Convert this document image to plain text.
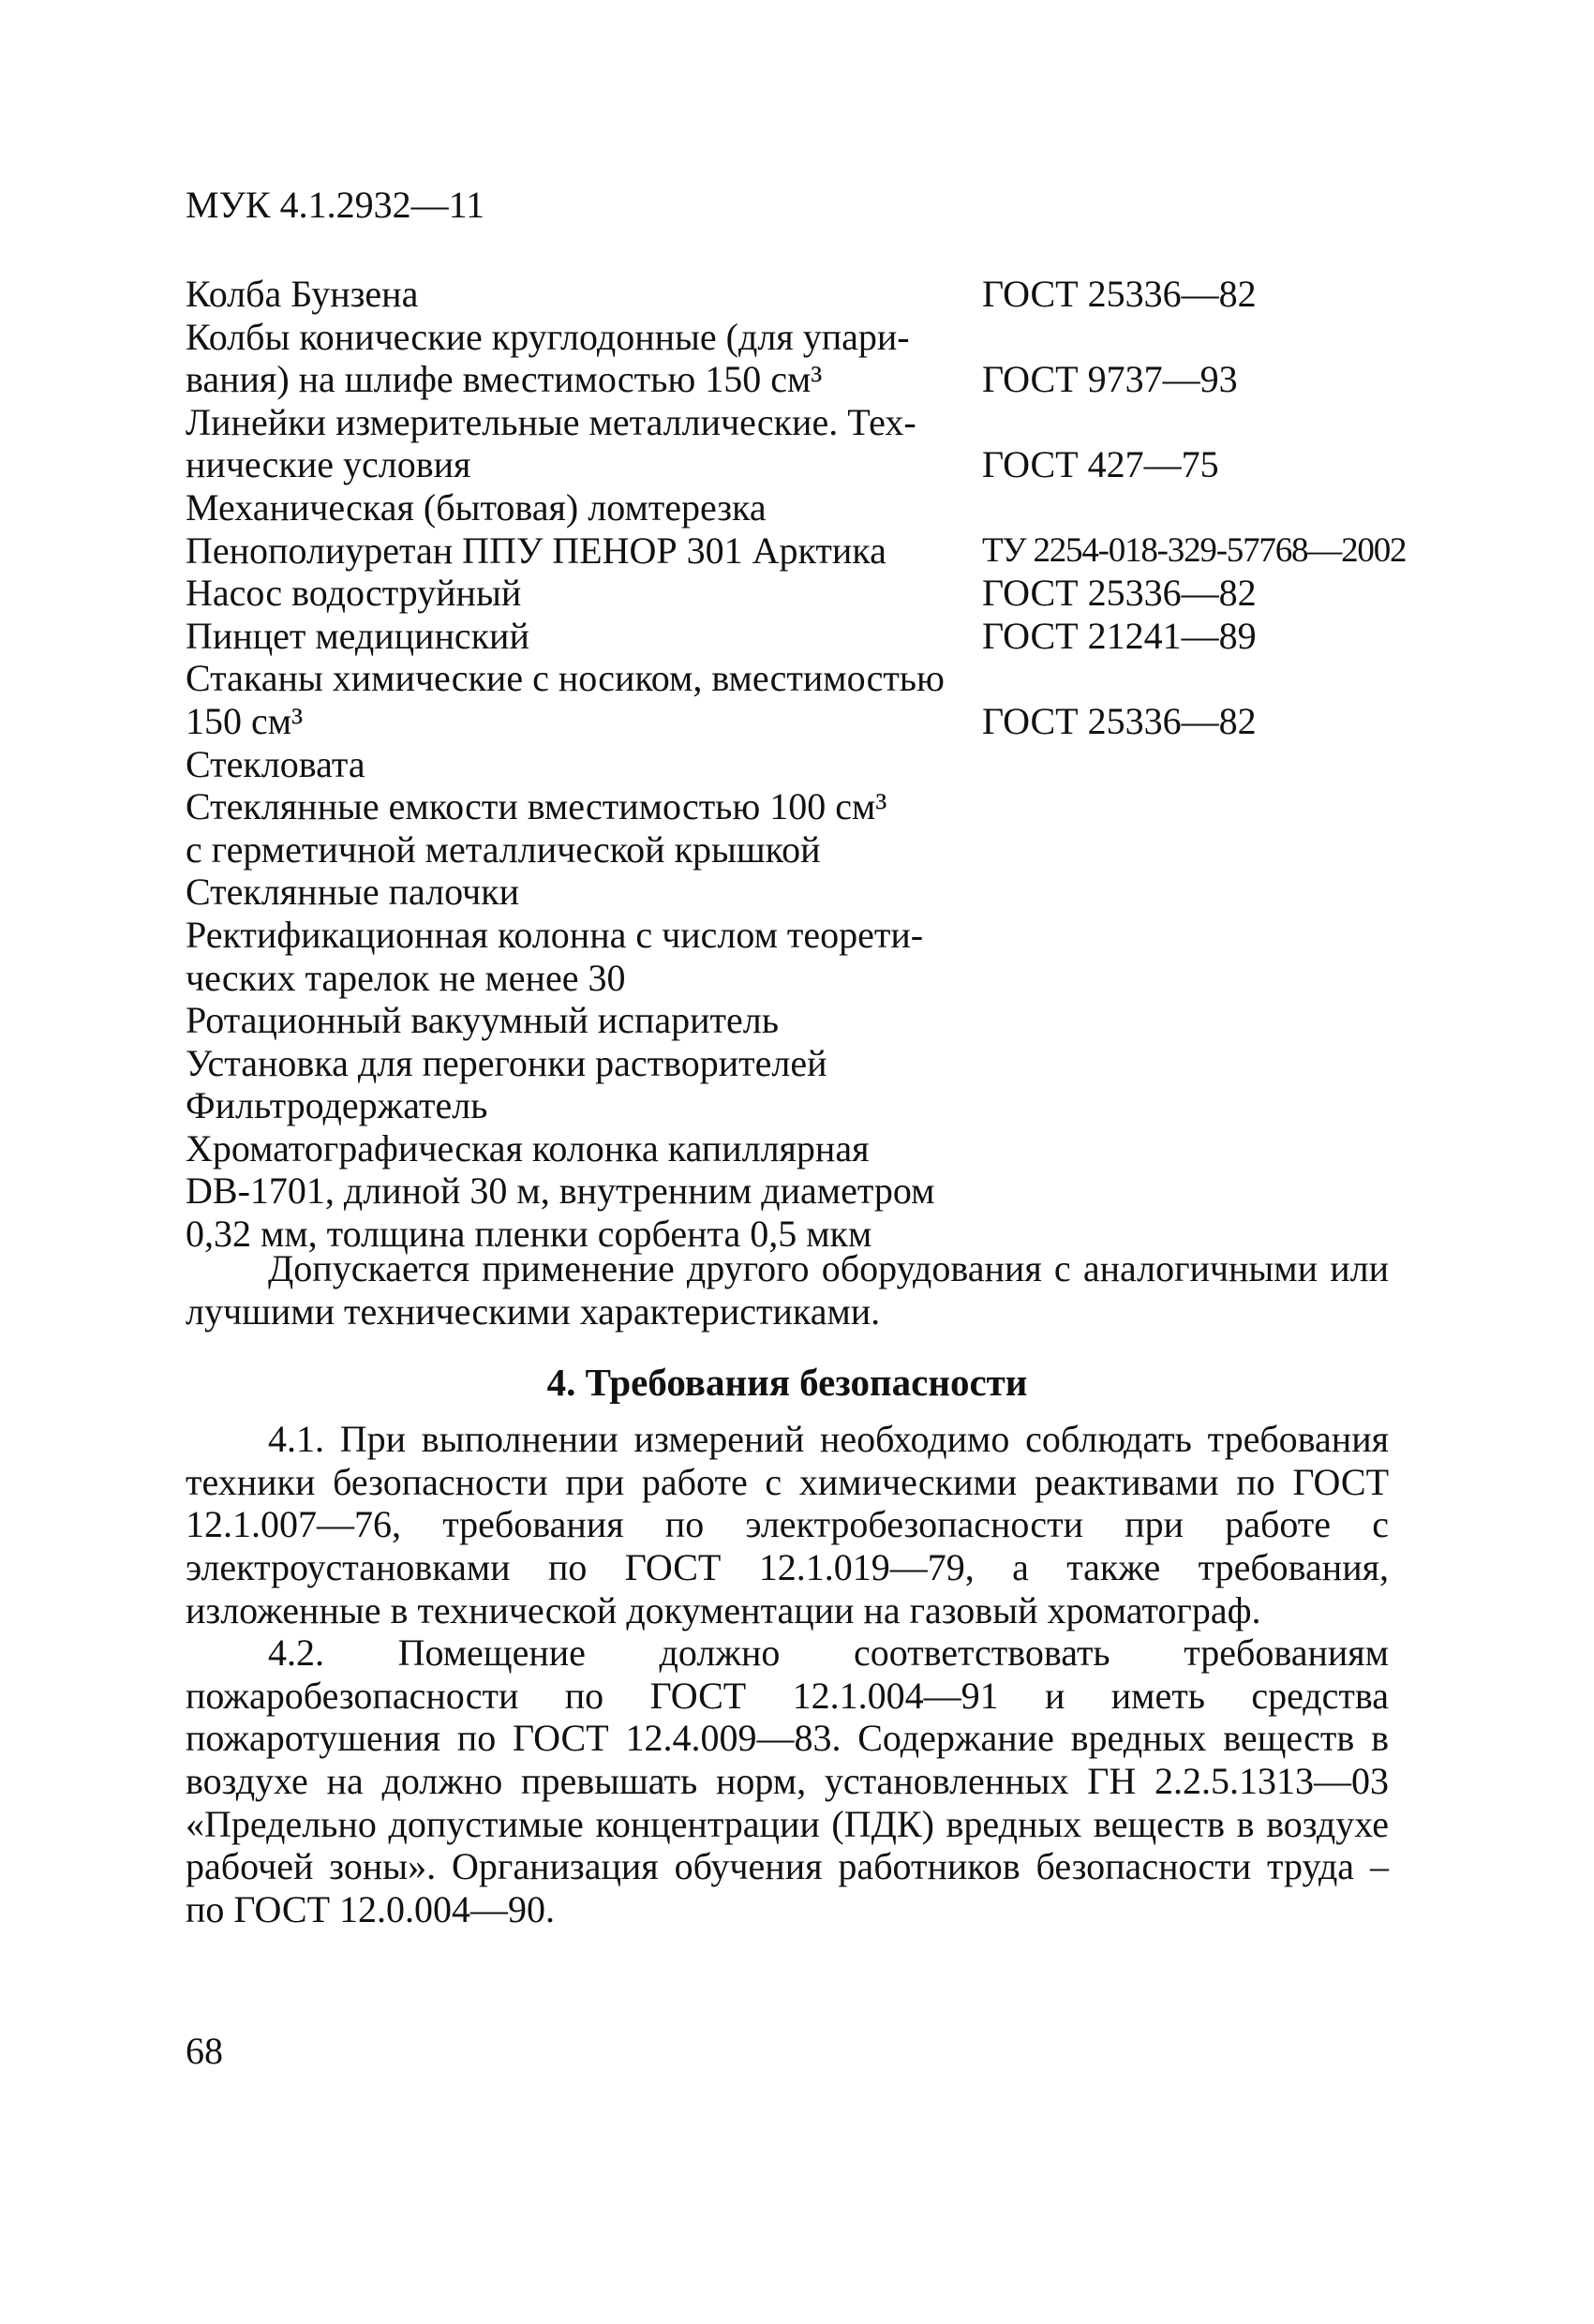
МУК 4.1.2932—11
Колба Бунзена	ГОСТ 25336—82
Колбы конические круглодонные (для упари-
вания) на шлифе вместимостью 150 см³	ГОСТ 9737—93
Линейки измерительные металлические. Тех-
нические условия	ГОСТ 427—75
Механическая (бытовая) ломтерезка
Пенополиуретан ППУ ПЕНОР 301 Арктика	ТУ 2254-018-329-57768—2002
Насос водоструйный	ГОСТ 25336—82
Пинцет медицинский	ГОСТ 21241—89
Стаканы химические с носиком, вместимостью
150 см³	ГОСТ 25336—82
Стекловата
Стеклянные емкости вместимостью 100 см³
с герметичной металлической крышкой
Стеклянные палочки
Ректификационная колонна с числом теорети-
ческих тарелок не менее 30
Ротационный вакуумный испаритель
Установка для перегонки растворителей
Фильтродержатель
Хроматографическая колонка капиллярная
DB-1701, длиной 30 м, внутренним диаметром
0,32 мм, толщина пленки сорбента 0,5 мкм

Допускается применение другого оборудования с аналогичными или лучшими техническими характеристиками.

4. Требования безопасности

4.1. При выполнении измерений необходимо соблюдать требования техники безопасности при работе с химическими реактивами по ГОСТ 12.1.007—76, требования по электробезопасности при работе с электроустановками по ГОСТ 12.1.019—79, а также требования, изложенные в технической документации на газовый хроматограф.

4.2. Помещение должно соответствовать требованиям пожаробезопасности по ГОСТ 12.1.004—91 и иметь средства пожаротушения по ГОСТ 12.4.009—83. Содержание вредных веществ в воздухе на должно превышать норм, установленных ГН 2.2.5.1313—03 «Предельно допустимые концентрации (ПДК) вредных веществ в воздухе рабочей зоны». Организация обучения работников безопасности труда – по ГОСТ 12.0.004—90.

68
